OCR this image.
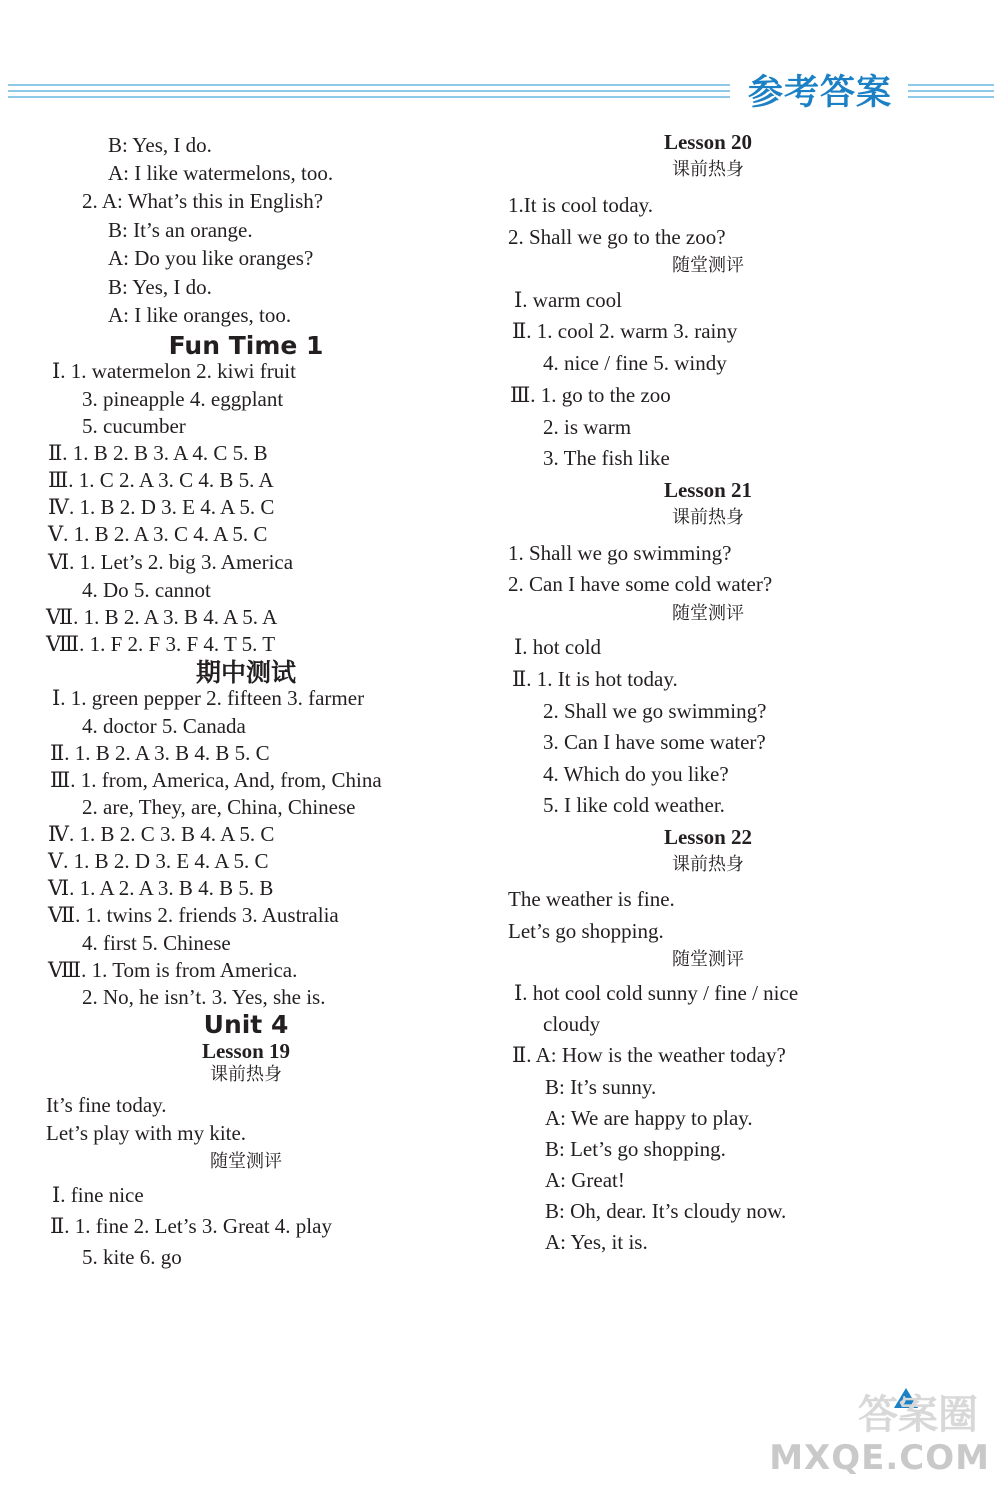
参考答案
B: Yes, I do.
A: I like watermelons, too.
2. A: What’s this in English?
B: It’s an orange.
A: Do you like oranges?
B: Yes, I do.
A: I like oranges, too.
Fun Time 1
Ⅰ. 1. watermelon 2. kiwi fruit
3. pineapple 4. eggplant
5. cucumber
Ⅱ. 1. B 2. B 3. A 4. C 5. B
Ⅲ. 1. C 2. A 3. C 4. B 5. A
Ⅳ. 1. B 2. D 3. E 4. A 5. C
Ⅴ. 1. B 2. A 3. C 4. A 5. C
Ⅵ. 1. Let’s 2. big 3. America
4. Do 5. cannot
Ⅶ. 1. B 2. A 3. B 4. A 5. A
Ⅷ. 1. F 2. F 3. F 4. T 5. T
期中测试
Ⅰ. 1. green pepper 2. fifteen 3. farmer
4. doctor 5. Canada
Ⅱ. 1. B 2. A 3. B 4. B 5. C
Ⅲ. 1. from, America, And, from, China
2. are, They, are, China, Chinese
Ⅳ. 1. B 2. C 3. B 4. A 5. C
Ⅴ. 1. B 2. D 3. E 4. A 5. C
Ⅵ. 1. A 2. A 3. B 4. B 5. B
Ⅶ. 1. twins 2. friends 3. Australia
4. first 5. Chinese
Ⅷ. 1. Tom is from America.
2. No, he isn’t. 3. Yes, she is.
Unit 4
Lesson 19
课前热身
It’s fine today.
Let’s play with my kite.
随堂测评
Ⅰ. fine nice
Ⅱ. 1. fine 2. Let’s 3. Great 4. play
5. kite 6. go
Lesson 20
课前热身
1.It is cool today.
2. Shall we go to the zoo?
随堂测评
Ⅰ. warm cool
Ⅱ. 1. cool 2. warm 3. rainy
4. nice / fine 5. windy
Ⅲ. 1. go to the zoo
2. is warm
3. The fish like
Lesson 21
课前热身
1. Shall we go swimming?
2. Can I have some cold water?
随堂测评
Ⅰ. hot cold
Ⅱ. 1. It is hot today.
2. Shall we go swimming?
3. Can I have some water?
4. Which do you like?
5. I like cold weather.
Lesson 22
课前热身
The weather is fine.
Let’s go shopping.
随堂测评
Ⅰ. hot cool cold sunny / fine / nice
cloudy
Ⅱ. A: How is the weather today?
B: It’s sunny.
A: We are happy to play.
B: Let’s go shopping.
A: Great!
B: Oh, dear. It’s cloudy now.
A: Yes, it is.
答案圈
MXQE.COM
